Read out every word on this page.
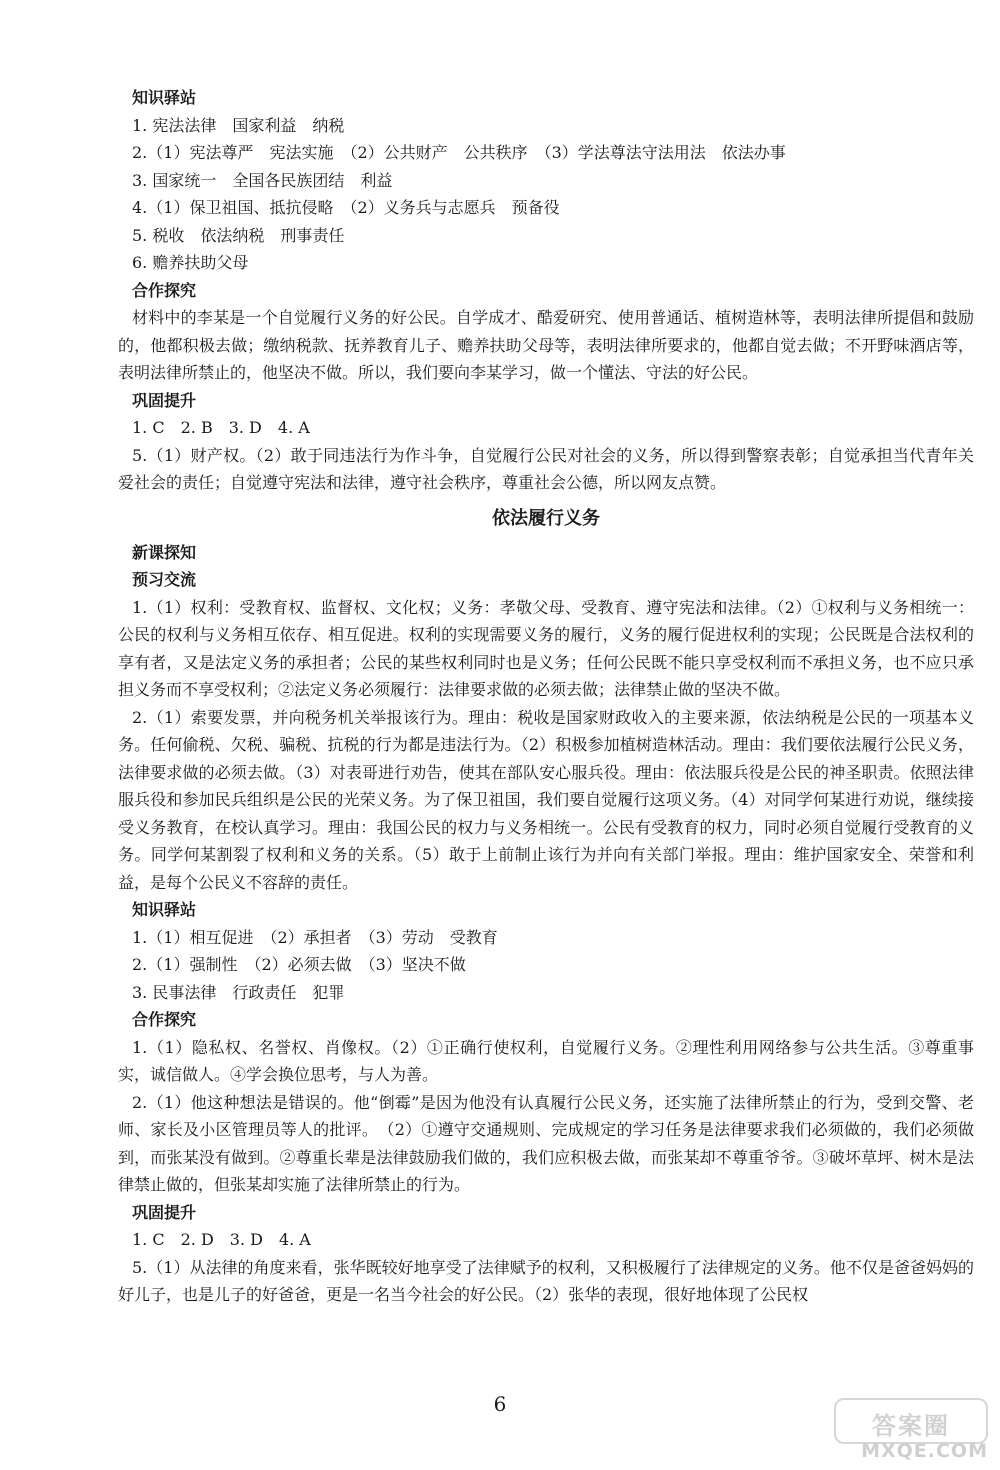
知识驿站
1. 宪法法律　国家利益　纳税
2.（1）宪法尊严　宪法实施　（2）公共财产　公共秩序　（3）学法尊法守法用法　依法办事
3. 国家统一　全国各民族团结　利益
4.（1）保卫祖国、抵抗侵略　（2）义务兵与志愿兵　预备役
5. 税收　依法纳税　刑事责任
6. 赡养扶助父母
合作探究
材料中的李某是一个自觉履行义务的好公民。自学成才、酷爱研究、使用普通话、植树造林等，表明法律所提倡和鼓励的，他都积极去做；缴纳税款、抚养教育儿子、赡养扶助父母等，表明法律所要求的，他都自觉去做；不开野味酒店等，表明法律所禁止的，他坚决不做。所以，我们要向李某学习，做一个懂法、守法的好公民。
巩固提升
1. C　2. B　3. D　4. A
5.（1）财产权。（2）敢于同违法行为作斗争，自觉履行公民对社会的义务，所以得到警察表彰；自觉承担当代青年关爱社会的责任；自觉遵守宪法和法律，遵守社会秩序，尊重社会公德，所以网友点赞。
依法履行义务
新课探知
预习交流
1.（1）权利：受教育权、监督权、文化权；义务：孝敬父母、受教育、遵守宪法和法律。（2）①权利与义务相统一：公民的权利与义务相互依存、相互促进。权利的实现需要义务的履行，义务的履行促进权利的实现；公民既是合法权利的享有者，又是法定义务的承担者；公民的某些权利同时也是义务；任何公民既不能只享受权利而不承担义务，也不应只承担义务而不享受权利；②法定义务必须履行：法律要求做的必须去做；法律禁止做的坚决不做。
2.（1）索要发票，并向税务机关举报该行为。理由：税收是国家财政收入的主要来源，依法纳税是公民的一项基本义务。任何偷税、欠税、骗税、抗税的行为都是违法行为。（2）积极参加植树造林活动。理由：我们要依法履行公民义务，法律要求做的必须去做。（3）对表哥进行劝告，使其在部队安心服兵役。理由：依法服兵役是公民的神圣职责。依照法律服兵役和参加民兵组织是公民的光荣义务。为了保卫祖国，我们要自觉履行这项义务。（4）对同学何某进行劝说，继续接受义务教育，在校认真学习。理由：我国公民的权力与义务相统一。公民有受教育的权力，同时必须自觉履行受教育的义务。同学何某割裂了权利和义务的关系。（5）敢于上前制止该行为并向有关部门举报。理由：维护国家安全、荣誉和利益，是每个公民义不容辞的责任。
知识驿站
1.（1）相互促进　（2）承担者　（3）劳动　受教育
2.（1）强制性　（2）必须去做　（3）坚决不做
3. 民事法律　行政责任　犯罪
合作探究
1.（1）隐私权、名誉权、肖像权。（2）①正确行使权利，自觉履行义务。②理性利用网络参与公共生活。③尊重事实，诚信做人。④学会换位思考，与人为善。
2.（1）他这种想法是错误的。他“倒霉”是因为他没有认真履行公民义务，还实施了法律所禁止的行为，受到交警、老师、家长及小区管理员等人的批评。　（2）①遵守交通规则、完成规定的学习任务是法律要求我们必须做的，我们必须做到，而张某没有做到。②尊重长辈是法律鼓励我们做的，我们应积极去做，而张某却不尊重爷爷。③破坏草坪、树木是法律禁止做的，但张某却实施了法律所禁止的行为。
巩固提升
1. C　2. D　3. D　4. A
5.（1）从法律的角度来看，张华既较好地享受了法律赋予的权利，又积极履行了法律规定的义务。他不仅是爸爸妈妈的好儿子，也是儿子的好爸爸，更是一名当今社会的好公民。（2）张华的表现，很好地体现了公民权
6
答案圈
MXQE.COM
